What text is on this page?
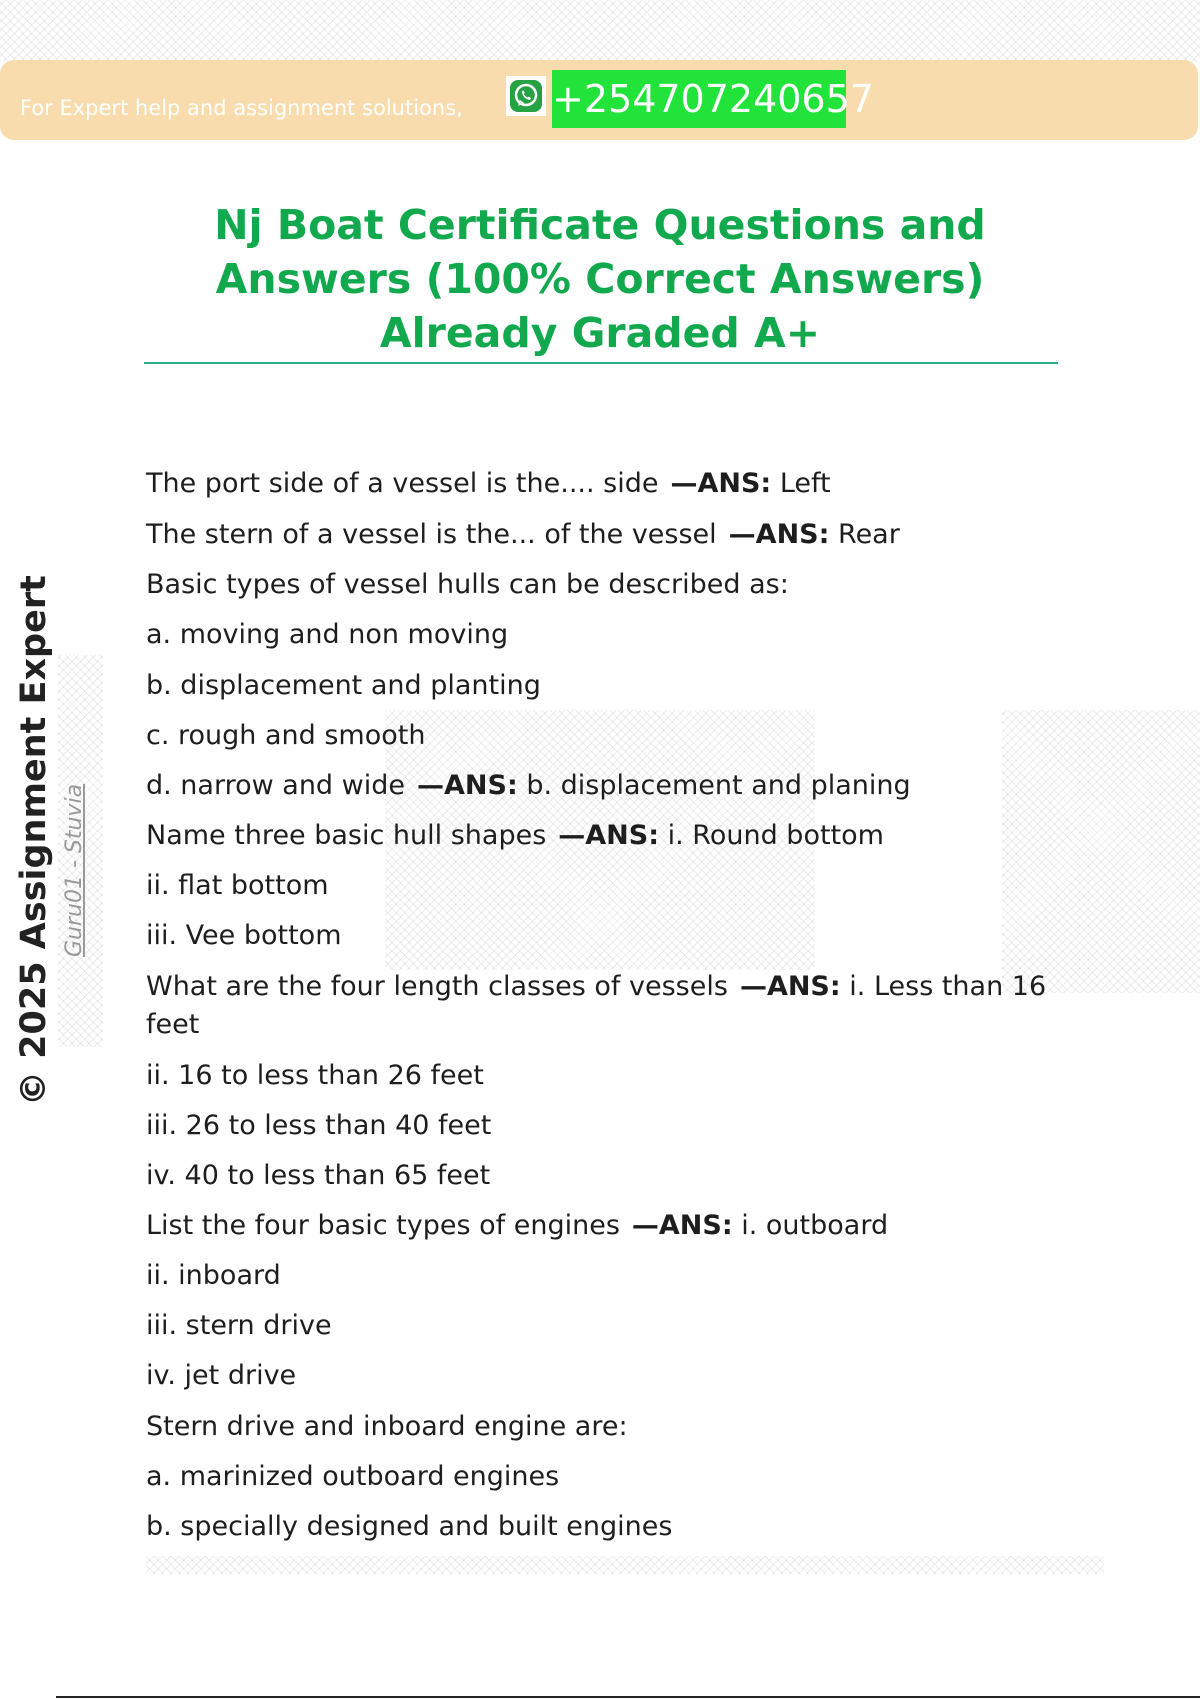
For Expert help and assignment solutions, +254707240657
Nj Boat Certificate Questions and Answers (100% Correct Answers) Already Graded A+
© 2025 Assignment Expert Guru01 - Stuvia

The port side of a vessel is the.... side —ANS: Left

The stern of a vessel is the... of the vessel —ANS: Rear

Basic types of vessel hulls can be described as:

a. moving and non moving

b. displacement and planting

c. rough and smooth

d. narrow and wide —ANS: b. displacement and planing

Name three basic hull shapes —ANS: i. Round bottom

ii. flat bottom

iii. Vee bottom

What are the four length classes of vessels —ANS: i. Less than 16

feet

ii. 16 to less than 26 feet

iii. 26 to less than 40 feet

iv. 40 to less than 65 feet

List the four basic types of engines —ANS: i. outboard

ii. inboard

iii. stern drive

iv. jet drive

Stern drive and inboard engine are:

a. marinized outboard engines

b. specially designed and built engines
